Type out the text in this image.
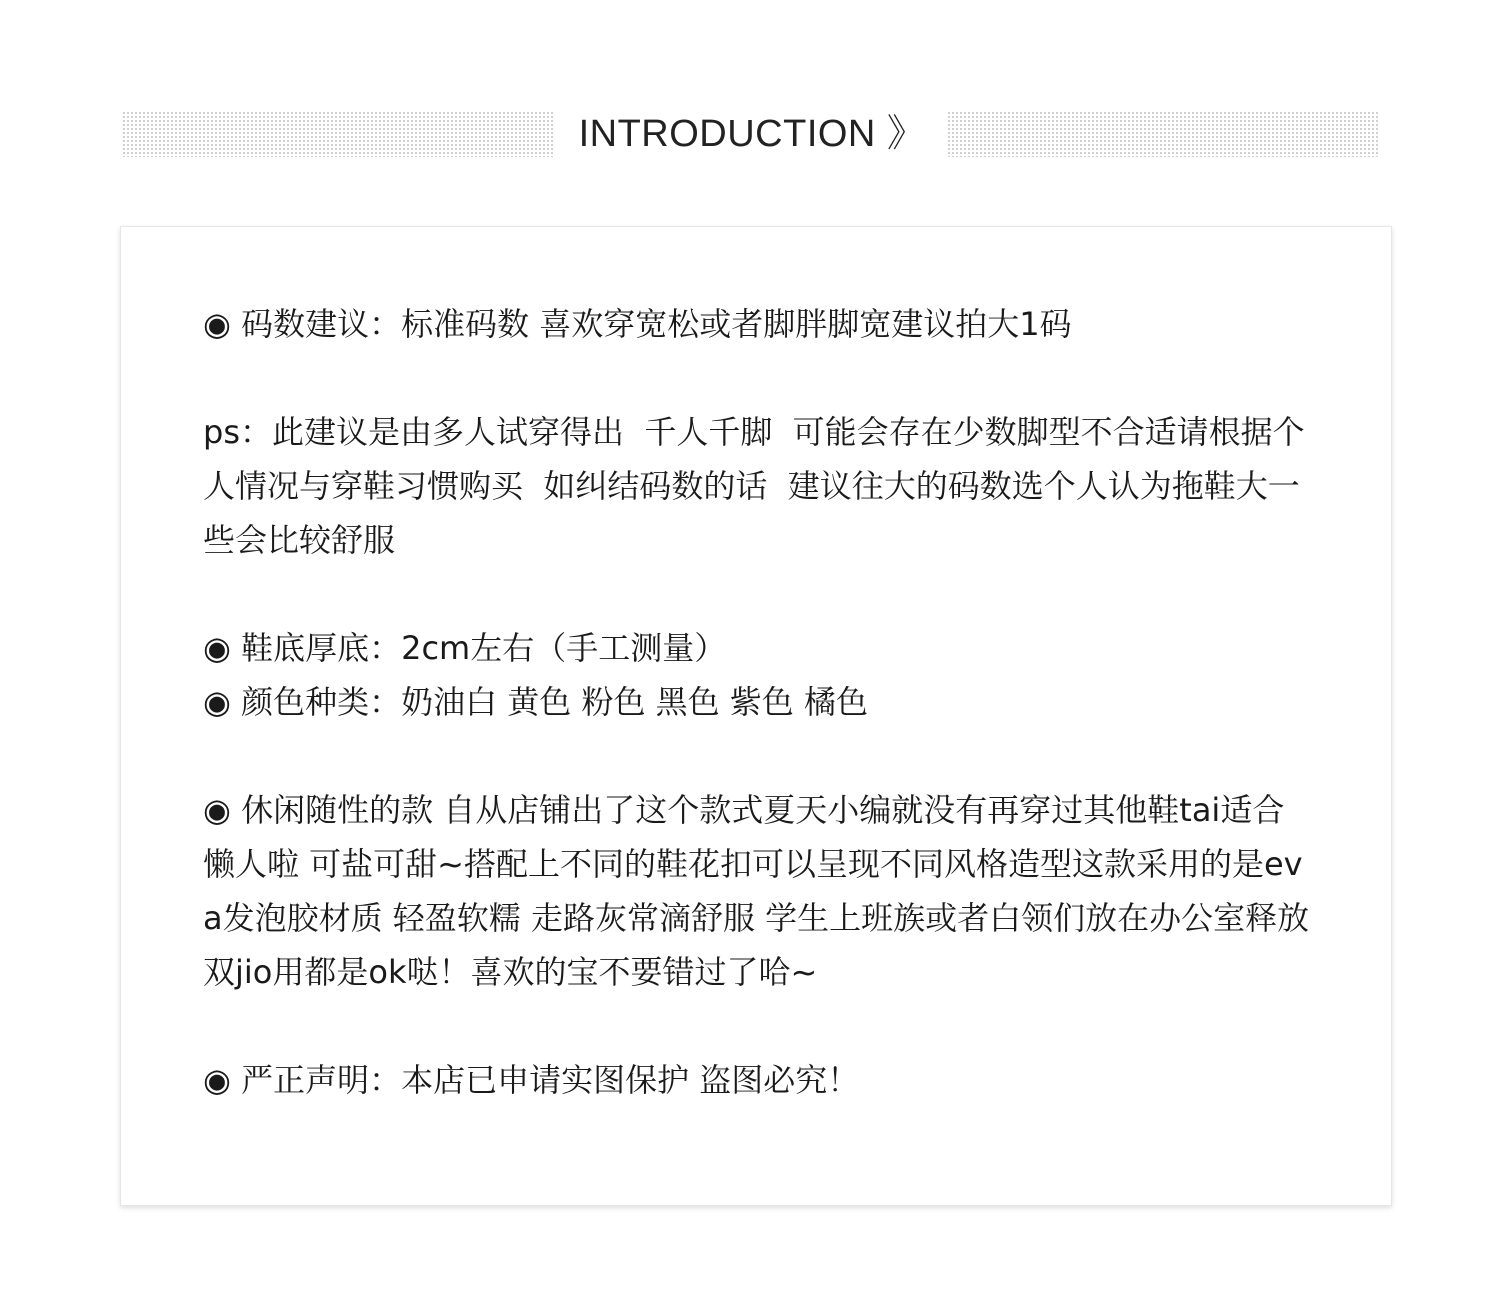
INTRODUCTION 》

◉ 码数建议：标准码数 喜欢穿宽松或者脚胖脚宽建议拍大1码

ps：此建议是由多人试穿得出  千人千脚  可能会存在少数脚型不合适请根据个人情况与穿鞋习惯购买  如纠结码数的话  建议往大的码数选个人认为拖鞋大一些会比较舒服

◉ 鞋底厚底：2cm左右（手工测量）

◉ 颜色种类：奶油白 黄色 粉色 黑色 紫色 橘色

◉ 休闲随性的款 自从店铺出了这个款式夏天小编就没有再穿过其他鞋tai适合懒人啦 可盐可甜~搭配上不同的鞋花扣可以呈现不同风格造型这款采用的是eva发泡胶材质 轻盈软糯 走路灰常滴舒服 学生上班族或者白领们放在办公室释放双jio用都是ok哒！喜欢的宝不要错过了哈~

◉ 严正声明：本店已申请实图保护 盗图必究！
